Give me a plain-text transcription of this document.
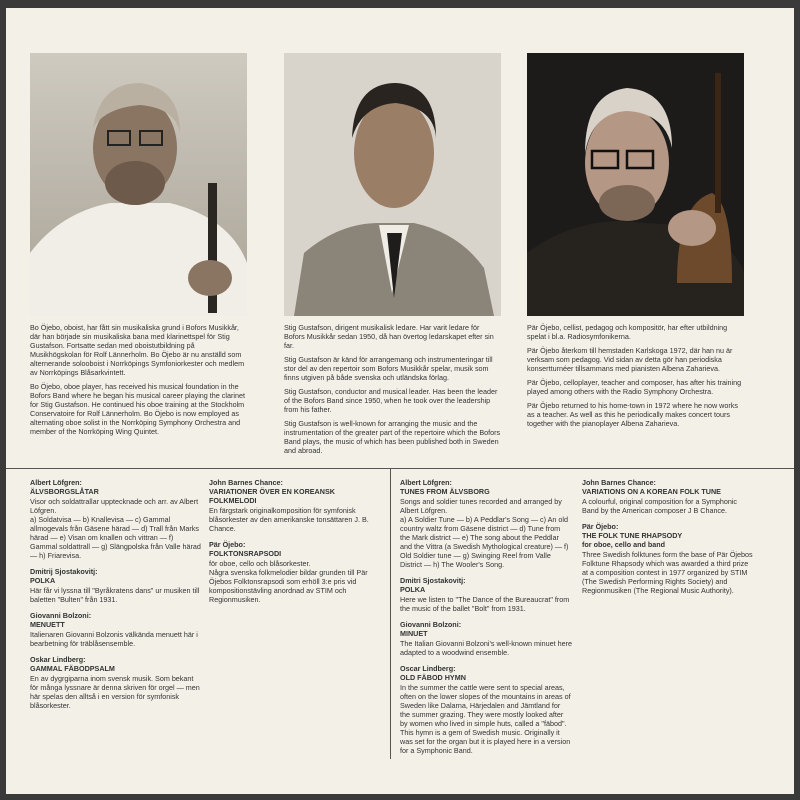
Bo Öjebo, oboist, har fått sin musikaliska grund i Bofors Musikkår, där han började sin musikaliska bana med klarinettspel för Stig Gustafson. Fortsatte sedan med oboistutbildning på Musikhögskolan för Rolf Lännerholm. Bo Öjebo är nu anställd som alternerande solooboist i Norrköpings Symfoniorkester och medlem av Norrköpings Blåsarkvintett.

Bo Öjebo, oboe player, has received his musical foundation in the Bofors Band where he began his musical career playing the clarinet for Stig Gustafson. He continued his oboe training at the Stockholm Conservatoire for Rolf Lännerholm. Bo Öjebo is now employed as alternating oboe solist in the Norrköping Symphony Orchestra and member of the Norrköping Wing Quintet.

Stig Gustafson, dirigent musikalisk ledare. Har varit ledare för Bofors Musikkår sedan 1950, då han övertog ledarskapet efter sin far.

Stig Gustafson är känd för arrangemang och instrumenteringar till stor del av den repertoir som Bofors Musikkår spelar, musik som finns utgiven på både svenska och utländska förlag.

Stig Gustafson, conductor and musical leader. Has been the leader of the Bofors Band since 1950, when he took over the leadership from his father.

Stig Gustafson is well-known for arranging the music and the instrumentation of the greater part of the repertoire which the Bofors Band plays, the music of which has been published both in Sweden and abroad.

Pär Öjebo, cellist, pedagog och kompositör, har efter utbildning spelat i bl.a. Radiosymfonikerna.

Pär Öjebo återkom till hemstaden Karlskoga 1972, där han nu är verksam som pedagog. Vid sidan av detta gör han periodiska konsertturnéer tillsammans med pianisten Albena Zaharieva.

Pär Öjebo, celloplayer, teacher and composer, has after his training played among others with the Radio Symphony Orchestra.

Pär Öjebo returned to his home-town in 1972 where he now works as a teacher. As well as this he periodically makes concert tours together with the pianoplayer Albena Zaharieva.

Albert Löfgren:
ÄLVSBORGSLÅTAR
Visor och soldattrallar upptecknade och arr. av Albert Löfgren.
a) Soldatvisa — b) Knallevisa — c) Gammal allmogevals från Gäsene härad — d) Trall från Marks härad — e) Visan om knallen och vittran — f) Gammal soldattrall — g) Slängpolska från Valle härad — h) Friarevisa.
Dmitrij Sjostakovitj:
POLKA
Här får vi lyssna till "Byråkratens dans" ur musiken till baletten "Bulten" från 1931.
Giovanni Bolzoni:
MENUETT
Italienaren Giovanni Bolzonis välkända menuett här i bearbetning för träblåsensemble.
Oskar Lindberg:
GAMMAL FÄBODPSALM
En av dygrgiparna inom svensk musik. Som bekant för många lyssnare är denna skriven för orgel — men här spelas den alltså i en version för symfonisk blåsorkester.
John Barnes Chance:
VARIATIONER ÖVER EN KOREANSK FOLKMELODI
En färgstark originalkomposition för symfonisk blåsorkester av den amerikanske tonsättaren J. B. Chance.
Pär Öjebo:
FOLKTONSRAPSODI
för oboe, cello och blåsorkester.
Några svenska folkmelodier bildar grunden till Pär Öjebos Folktonsrapsodi som erhöll 3:e pris vid kompositionstävling anordnad av STIM och Regionmusiken.
Albert Löfgren:
TUNES FROM ÄLVSBORG
Songs and soldier tunes recorded and arranged by Albert Löfgren.
a) A Soldier Tune — b) A Peddlar's Song — c) An old country waltz from Gäsene district — d) Tune from the Mark district — e) The song about the Peddlar and the Vittra (a Swedish Mythological creature) — f) Old Soldier tune — g) Swinging Reel from Valle District — h) The Wooler's Song.
Dmitri Sjostakovitj:
POLKA
Here we listen to "The Dance of the Bureaucrat" from the music of the ballet "Bolt" from 1931.
Giovanni Bolzoni:
MINUET
The Italian Giovanni Bolzoni's well-known minuet here adapted to a woodwind ensemble.
Oscar Lindberg:
OLD FÄBOD HYMN
In the summer the cattle were sent to special areas, often on the lower slopes of the mountains in areas of Sweden like Dalarna, Härjedalen and Jämtland for the summer grazing. They were mostly looked after by women who lived in simple huts, called a "fäbod". This hymn is a gem of Swedish music. Originally it was set for the organ but it is played here in a version for a Symphonic Band.
John Barnes Chance:
VARIATIONS ON A KOREAN FOLK TUNE
A colourful, original composition for a Symphonic Band by the American composer J B Chance.
Pär Öjebo:
THE FOLK TUNE RHAPSODY
for oboe, cello and band
Three Swedish folktunes form the base of Pär Öjebos Folktune Rhapsody which was awarded a third prize at a composition contest in 1977 organized by STIM (The Swedish Performing Rights Society) and Regionmusiken (The Regional Music Authority).
